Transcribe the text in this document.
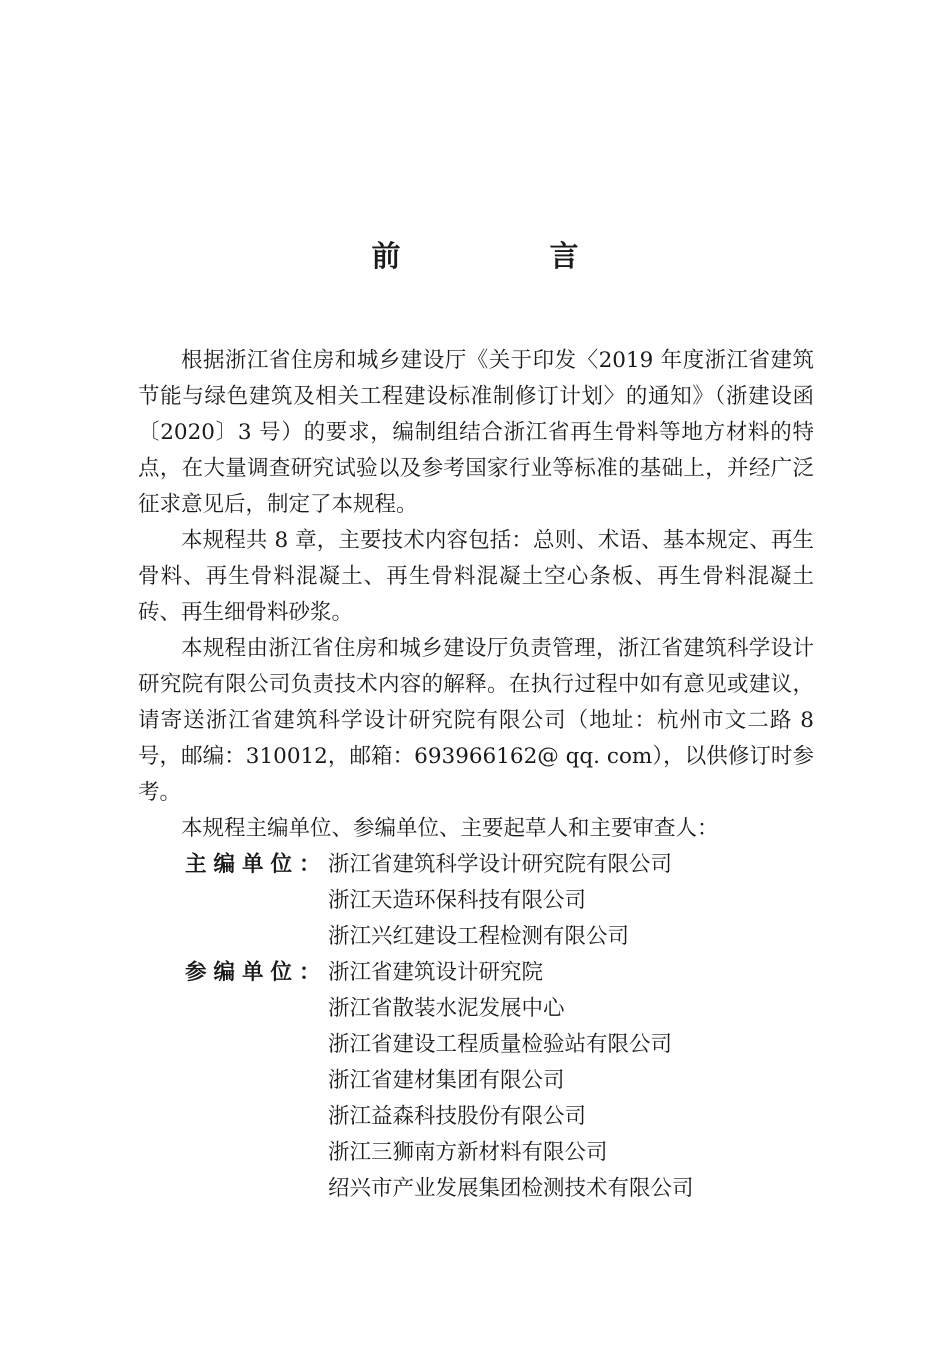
前　言

根据浙江省住房和城乡建设厅《关于印发〈2019 年度浙江省建筑节能与绿色建筑及相关工程建设标准制修订计划〉的通知》（浙建设函〔2020〕3 号）的要求，编制组结合浙江省再生骨料等地方材料的特点，在大量调查研究试验以及参考国家行业等标准的基础上，并经广泛征求意见后，制定了本规程。

本规程共 8 章，主要技术内容包括：总则、术语、基本规定、再生骨料、再生骨料混凝土、再生骨料混凝土空心条板、再生骨料混凝土砖、再生细骨料砂浆。

本规程由浙江省住房和城乡建设厅负责管理，浙江省建筑科学设计研究院有限公司负责技术内容的解释。在执行过程中如有意见或建议，请寄送浙江省建筑科学设计研究院有限公司（地址：杭州市文二路 8 号，邮编：310012，邮箱：693966162@ qq. com），以供修订时参考。

本规程主编单位、参编单位、主要起草人和主要审查人：

主编单位： 浙江省建筑科学设计研究院有限公司
浙江天造环保科技有限公司
浙江兴红建设工程检测有限公司
参编单位： 浙江省建筑设计研究院
浙江省散装水泥发展中心
浙江省建设工程质量检验站有限公司
浙江省建材集团有限公司
浙江益森科技股份有限公司
浙江三狮南方新材料有限公司
绍兴市产业发展集团检测技术有限公司
